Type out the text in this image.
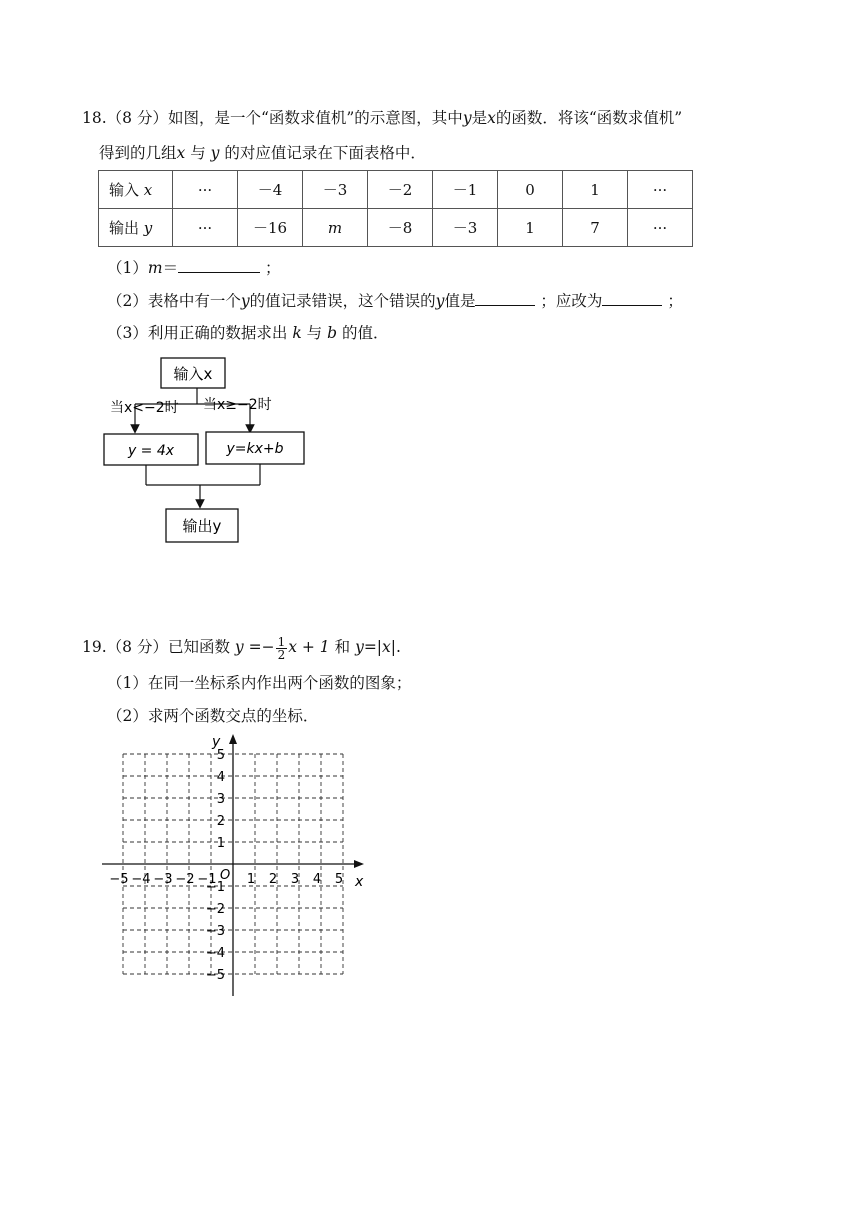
18.（8 分）如图，是一个“函数求值机”的示意图，其中y是x的函数．将该“函数求值机”
得到的几组x 与 y 的对应值记录在下面表格中．
输入 x	···	－4	－3	－2	－1	0	1	···
输出 y	···	－16	m	－8	－3	1	7	···
（1）m＝	；
（2）表格中有一个y的值记录错误，这个错误的y值是	；应改为	；
（3）利用正确的数据求出 k 与 b 的值．
输入x
当x<−2时 当x≥−2时
y = 4x	y=kx+b
输出y
19.（8 分）已知函数 $y =- \frac{1}{2}$ x + 1 和 y=|x|.
（1）在同一坐标系内作出两个函数的图象；
（2）求两个函数交点的坐标．
x
y
O
−5 −4 −3 −2 −1 1 2 3 4 5
5
4
3
2
1
−1
−2
−3
−4
−5
